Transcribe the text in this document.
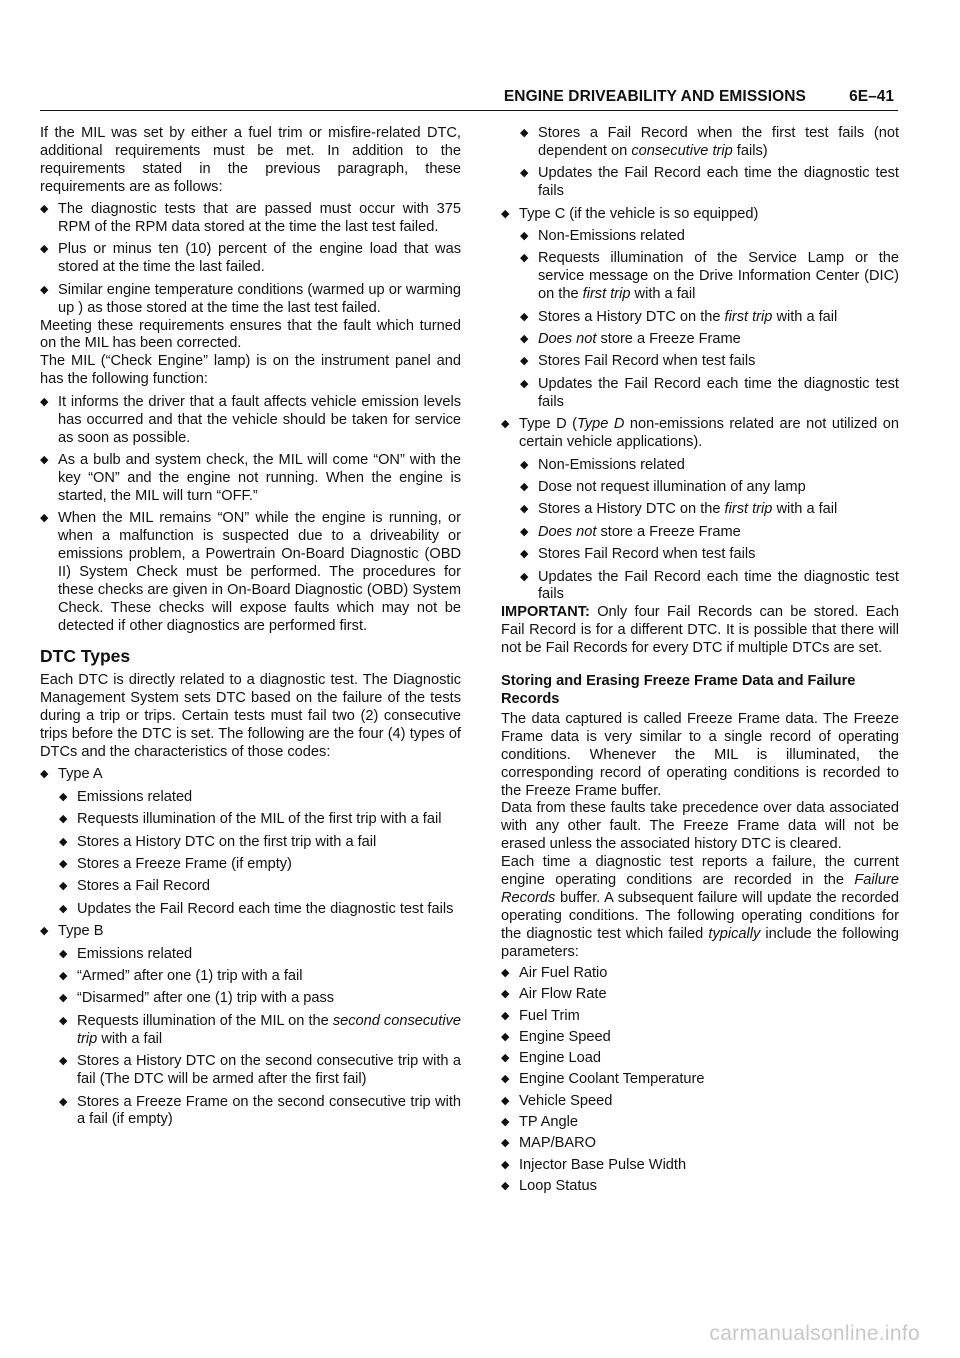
ENGINE DRIVEABILITY AND EMISSIONS	6E–41

If the MIL was set by either a fuel trim or misfire-related DTC, additional requirements must be met. In addition to the requirements stated in the previous paragraph, these requirements are as follows:

◆ The diagnostic tests that are passed must occur with 375 RPM of the RPM data stored at the time the last test failed.
◆ Plus or minus ten (10) percent of the engine load that was stored at the time the last failed.
◆ Similar engine temperature conditions (warmed up or warming up ) as those stored at the time the last test failed.

Meeting these requirements ensures that the fault which turned on the MIL has been corrected.

The MIL (“Check Engine” lamp) is on the instrument panel and has the following function:

◆ It informs the driver that a fault affects vehicle emission levels has occurred and that the vehicle should be taken for service as soon as possible.
◆ As a bulb and system check, the MIL will come “ON” with the key “ON” and the engine not running. When the engine is started, the MIL will turn “OFF.”
◆ When the MIL remains “ON” while the engine is running, or when a malfunction is suspected due to a driveability or emissions problem, a Powertrain On-Board Diagnostic (OBD II) System Check must be performed. The procedures for these checks are given in On-Board Diagnostic (OBD) System Check. These checks will expose faults which may not be detected if other diagnostics are performed first.
DTC Types

Each DTC is directly related to a diagnostic test. The Diagnostic Management System sets DTC based on the failure of the tests during a trip or trips. Certain tests must fail two (2) consecutive trips before the DTC is set. The following are the four (4) types of DTCs and the characteristics of those codes:

◆ Type A
◆ Emissions related
◆ Requests illumination of the MIL of the first trip with a fail
◆ Stores a History DTC on the first trip with a fail
◆ Stores a Freeze Frame (if empty)
◆ Stores a Fail Record
◆ Updates the Fail Record each time the diagnostic test fails
◆ Type B
◆ Emissions related
◆ “Armed” after one (1) trip with a fail
◆ “Disarmed” after one (1) trip with a pass
◆ Requests illumination of the MIL on the second consecutive trip with a fail
◆ Stores a History DTC on the second consecutive trip with a fail (The DTC will be armed after the first fail)
◆ Stores a Freeze Frame on the second consecutive trip with a fail (if empty)
◆ Stores a Fail Record when the first test fails (not dependent on consecutive trip fails)
◆ Updates the Fail Record each time the diagnostic test fails
◆ Type C (if the vehicle is so equipped)
◆ Non-Emissions related
◆ Requests illumination of the Service Lamp or the service message on the Drive Information Center (DIC) on the first trip with a fail
◆ Stores a History DTC on the first trip with a fail
◆ Does not store a Freeze Frame
◆ Stores Fail Record when test fails
◆ Updates the Fail Record each time the diagnostic test fails
◆ Type D (Type D non-emissions related are not utilized on certain vehicle applications).
◆ Non-Emissions related
◆ Dose not request illumination of any lamp
◆ Stores a History DTC on the first trip with a fail
◆ Does not store a Freeze Frame
◆ Stores Fail Record when test fails
◆ Updates the Fail Record each time the diagnostic test fails

IMPORTANT: Only four Fail Records can be stored. Each Fail Record is for a different DTC. It is possible that there will not be Fail Records for every DTC if multiple DTCs are set.

Storing and Erasing Freeze Frame Data and Failure Records

The data captured is called Freeze Frame data. The Freeze Frame data is very similar to a single record of operating conditions. Whenever the MIL is illuminated, the corresponding record of operating conditions is recorded to the Freeze Frame buffer.

Data from these faults take precedence over data associated with any other fault. The Freeze Frame data will not be erased unless the associated history DTC is cleared.

Each time a diagnostic test reports a failure, the current engine operating conditions are recorded in the Failure Records buffer. A subsequent failure will update the recorded operating conditions. The following operating conditions for the diagnostic test which failed typically include the following parameters:

◆ Air Fuel Ratio
◆ Air Flow Rate
◆ Fuel Trim
◆ Engine Speed
◆ Engine Load
◆ Engine Coolant Temperature
◆ Vehicle Speed
◆ TP Angle
◆ MAP/BARO
◆ Injector Base Pulse Width
◆ Loop Status
carmanualsonline.info
